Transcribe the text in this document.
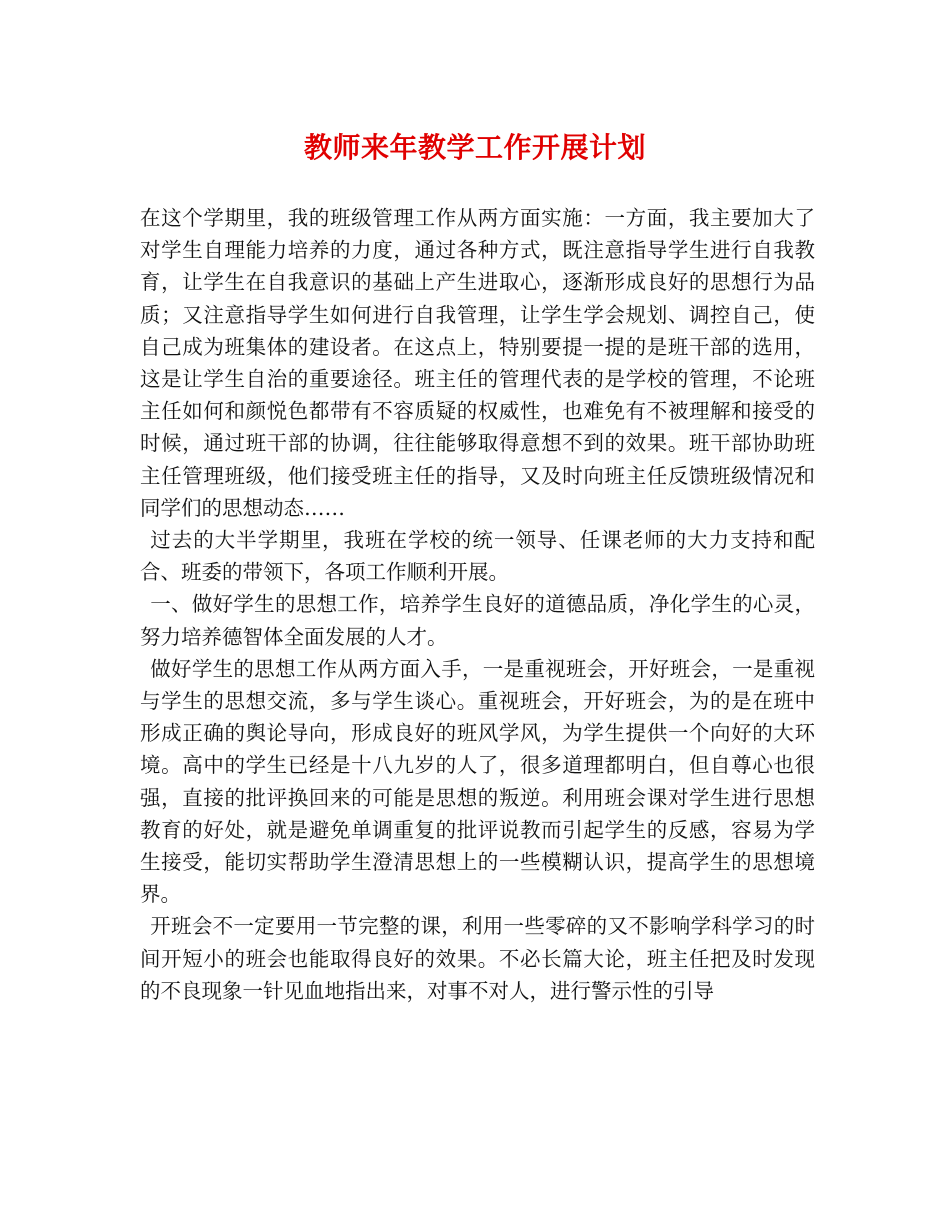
教师来年教学工作开展计划

在这个学期里，我的班级管理工作从两方面实施：一方面，我主要加大了对学生自理能力培养的力度，通过各种方式，既注意指导学生进行自我教育，让学生在自我意识的基础上产生进取心，逐渐形成良好的思想行为品质；又注意指导学生如何进行自我管理，让学生学会规划、调控自己，使自己成为班集体的建设者。在这点上，特别要提一提的是班干部的选用，这是让学生自治的重要途径。班主任的管理代表的是学校的管理，不论班主任如何和颜悦色都带有不容质疑的权威性，也难免有不被理解和接受的时候，通过班干部的协调，往往能够取得意想不到的效果。班干部协助班主任管理班级，他们接受班主任的指导，又及时向班主任反馈班级情况和同学们的思想动态……

过去的大半学期里，我班在学校的统一领导、任课老师的大力支持和配合、班委的带领下，各项工作顺利开展。

一、做好学生的思想工作，培养学生良好的道德品质，净化学生的心灵，努力培养德智体全面发展的人才。

做好学生的思想工作从两方面入手，一是重视班会，开好班会，一是重视与学生的思想交流，多与学生谈心。重视班会，开好班会，为的是在班中形成正确的舆论导向，形成良好的班风学风，为学生提供一个向好的大环境。高中的学生已经是十八九岁的人了，很多道理都明白，但自尊心也很强，直接的批评换回来的可能是思想的叛逆。利用班会课对学生进行思想教育的好处，就是避免单调重复的批评说教而引起学生的反感，容易为学生接受，能切实帮助学生澄清思想上的一些模糊认识，提高学生的思想境界。

开班会不一定要用一节完整的课，利用一些零碎的又不影响学科学习的时间开短小的班会也能取得良好的效果。不必长篇大论，班主任把及时发现的不良现象一针见血地指出来，对事不对人，进行警示性的引导
